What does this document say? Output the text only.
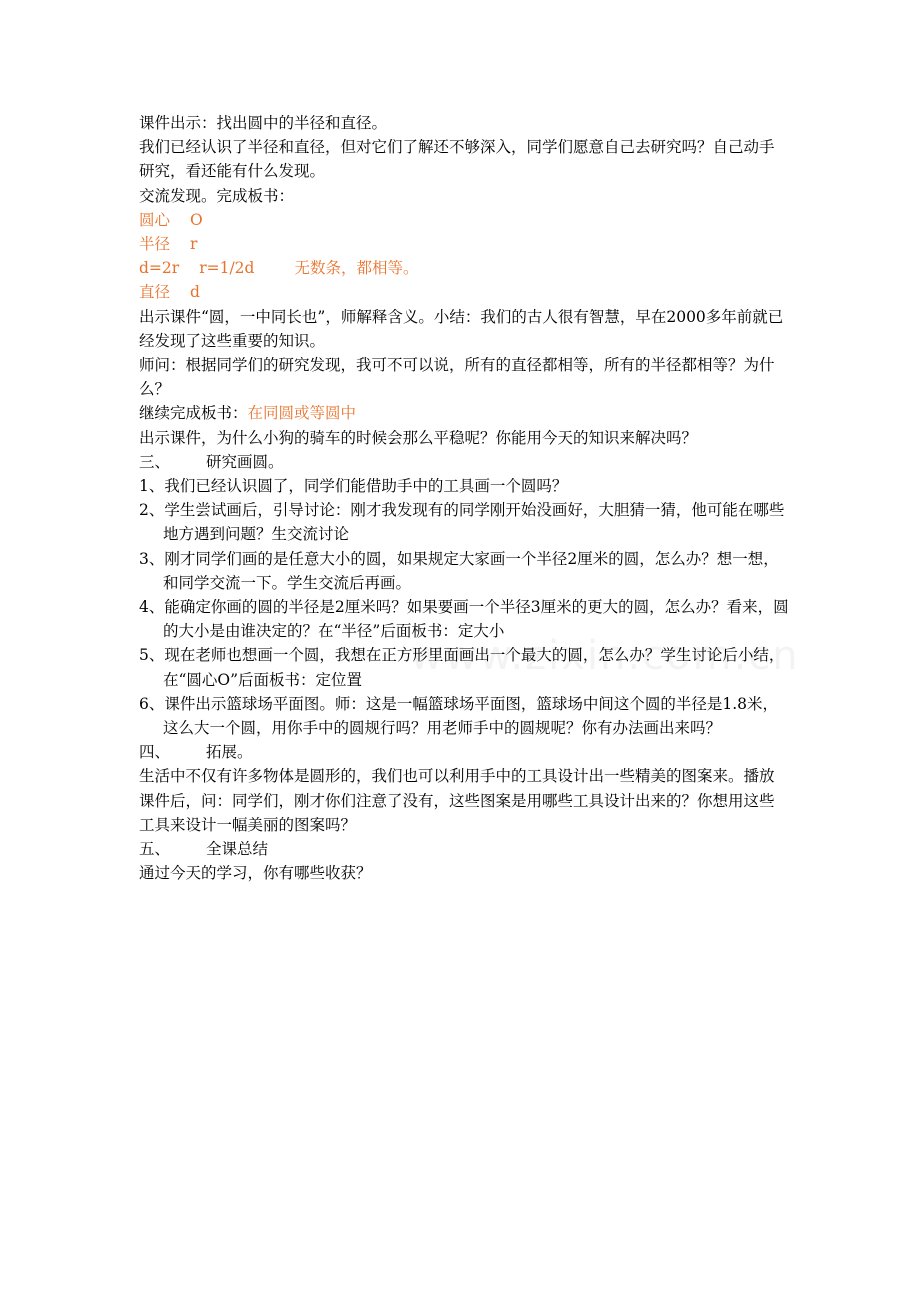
课件出示：找出圆中的半径和直径。
我们已经认识了半径和直径，但对它们了解还不够深入，同学们愿意自己去研究吗？自己动手研究，看还能有什么发现。
交流发现。完成板书：
圆心 O
半径 r
d=2r r=1/2d	无数条，都相等。
直径 d
出示课件“圆，一中同长也”，师解释含义。小结：我们的古人很有智慧，早在2000多年前就已经发现了这些重要的知识。
师问：根据同学们的研究发现，我可不可以说，所有的直径都相等，所有的半径都相等？为什么？
继续完成板书：在同圆或等圆中
出示课件，为什么小狗的骑车的时候会那么平稳呢？你能用今天的知识来解决吗？
三、 研究画圆。
1、我们已经认识圆了，同学们能借助手中的工具画一个圆吗？
2、学生尝试画后，引导讨论：刚才我发现有的同学刚开始没画好，大胆猜一猜，他可能在哪些地方遇到问题？生交流讨论
3、刚才同学们画的是任意大小的圆，如果规定大家画一个半径2厘米的圆，怎么办？想一想，和同学交流一下。学生交流后再画。
4、能确定你画的圆的半径是2厘米吗？如果要画一个半径3厘米的更大的圆，怎么办？看来，圆的大小是由谁决定的？在“半径”后面板书：定大小
5、现在老师也想画一个圆，我想在正方形里面画出一个最大的圆，怎么办？学生讨论后小结，在“圆心O”后面板书：定位置
6、课件出示篮球场平面图。师：这是一幅篮球场平面图，篮球场中间这个圆的半径是1.8米，这么大一个圆，用你手中的圆规行吗？用老师手中的圆规呢？你有办法画出来吗？
四、 拓展。
生活中不仅有许多物体是圆形的，我们也可以利用手中的工具设计出一些精美的图案来。播放课件后，问：同学们，刚才你们注意了没有，这些图案是用哪些工具设计出来的？你想用这些工具来设计一幅美丽的图案吗？
五、 全课总结
通过今天的学习，你有哪些收获？
